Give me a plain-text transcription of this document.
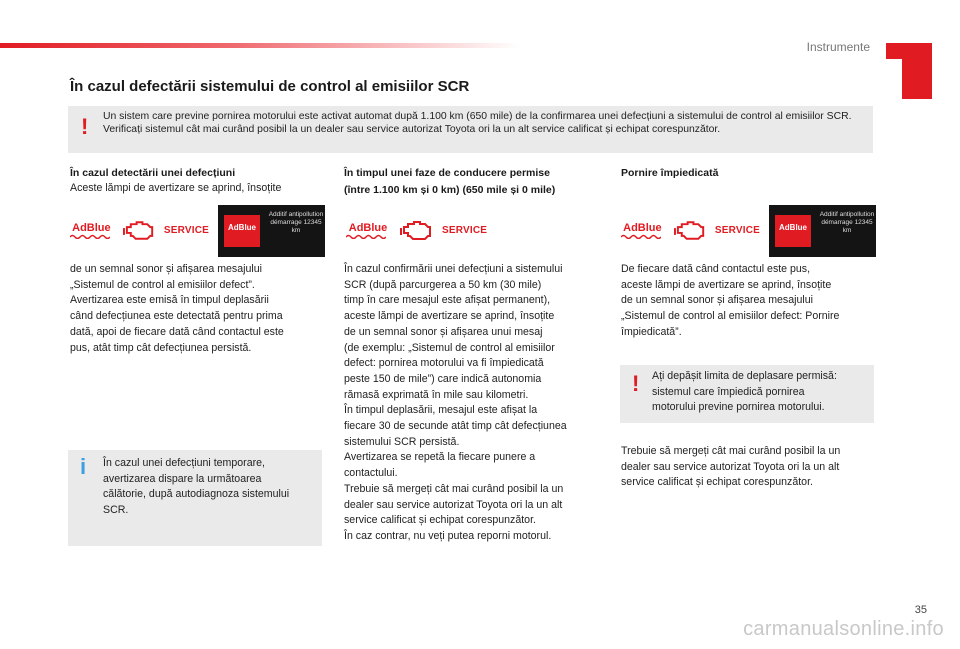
Instrumente
În cazul defectării sistemului de control al emisiilor SCR
! Un sistem care previne pornirea motorului este activat automat după 1.100 km (650 mile) de la confirmarea unei defecțiuni a sistemului de control al emisiilor SCR. Verificați sistemul cât mai curând posibil la un dealer sau service autorizat Toyota ori la un alt service calificat și echipat corespunzător.
În cazul detectării unei defecțiuni
Aceste lămpi de avertizare se aprind, însoțite
AdBlue	SERVICE	AdBlue
Additif antipollution démarrage 12345 km
de un semnal sonor și afișarea mesajului
„Sistemul de control al emisiilor defect”.
Avertizarea este emisă în timpul deplasării
când defecțiunea este detectată pentru prima
dată, apoi de fiecare dată când contactul este
pus, atât timp cât defecțiunea persistă.
i În cazul unei defecțiuni temporare,
avertizarea dispare la următoarea
călătorie, după autodiagnoza sistemului
SCR.
În timpul unei faze de conducere permise
(între 1.100 km și 0 km) (650 mile și 0 mile)
AdBlue	SERVICE
În cazul confirmării unei defecțiuni a sistemului
SCR (după parcurgerea a 50 km (30 mile)
timp în care mesajul este afișat permanent),
aceste lămpi de avertizare se aprind, însoțite
de un semnal sonor și afișarea unui mesaj
(de exemplu: „Sistemul de control al emisiilor
defect: pornirea motorului va fi împiedicată
peste 150 de mile”) care indică autonomia
rămasă exprimată în mile sau kilometri.
În timpul deplasării, mesajul este afișat la
fiecare 30 de secunde atât timp cât defecțiunea
sistemului SCR persistă.
Avertizarea se repetă la fiecare punere a
contactului.
Trebuie să mergeți cât mai curând posibil la un
dealer sau service autorizat Toyota ori la un alt
service calificat și echipat corespunzător.
În caz contrar, nu veți putea reporni motorul.
Pornire împiedicată
AdBlue	SERVICE	AdBlue
Additif antipollution démarrage 12345 km
De fiecare dată când contactul este pus,
aceste lămpi de avertizare se aprind, însoțite
de un semnal sonor și afișarea mesajului
„Sistemul de control al emisiilor defect: Pornire
împiedicată”.
! Ați depășit limita de deplasare permisă:
sistemul care împiedică pornirea
motorului previne pornirea motorului.
Trebuie să mergeți cât mai curând posibil la un
dealer sau service autorizat Toyota ori la un alt
service calificat și echipat corespunzător.
35
carmanualsonline.info
